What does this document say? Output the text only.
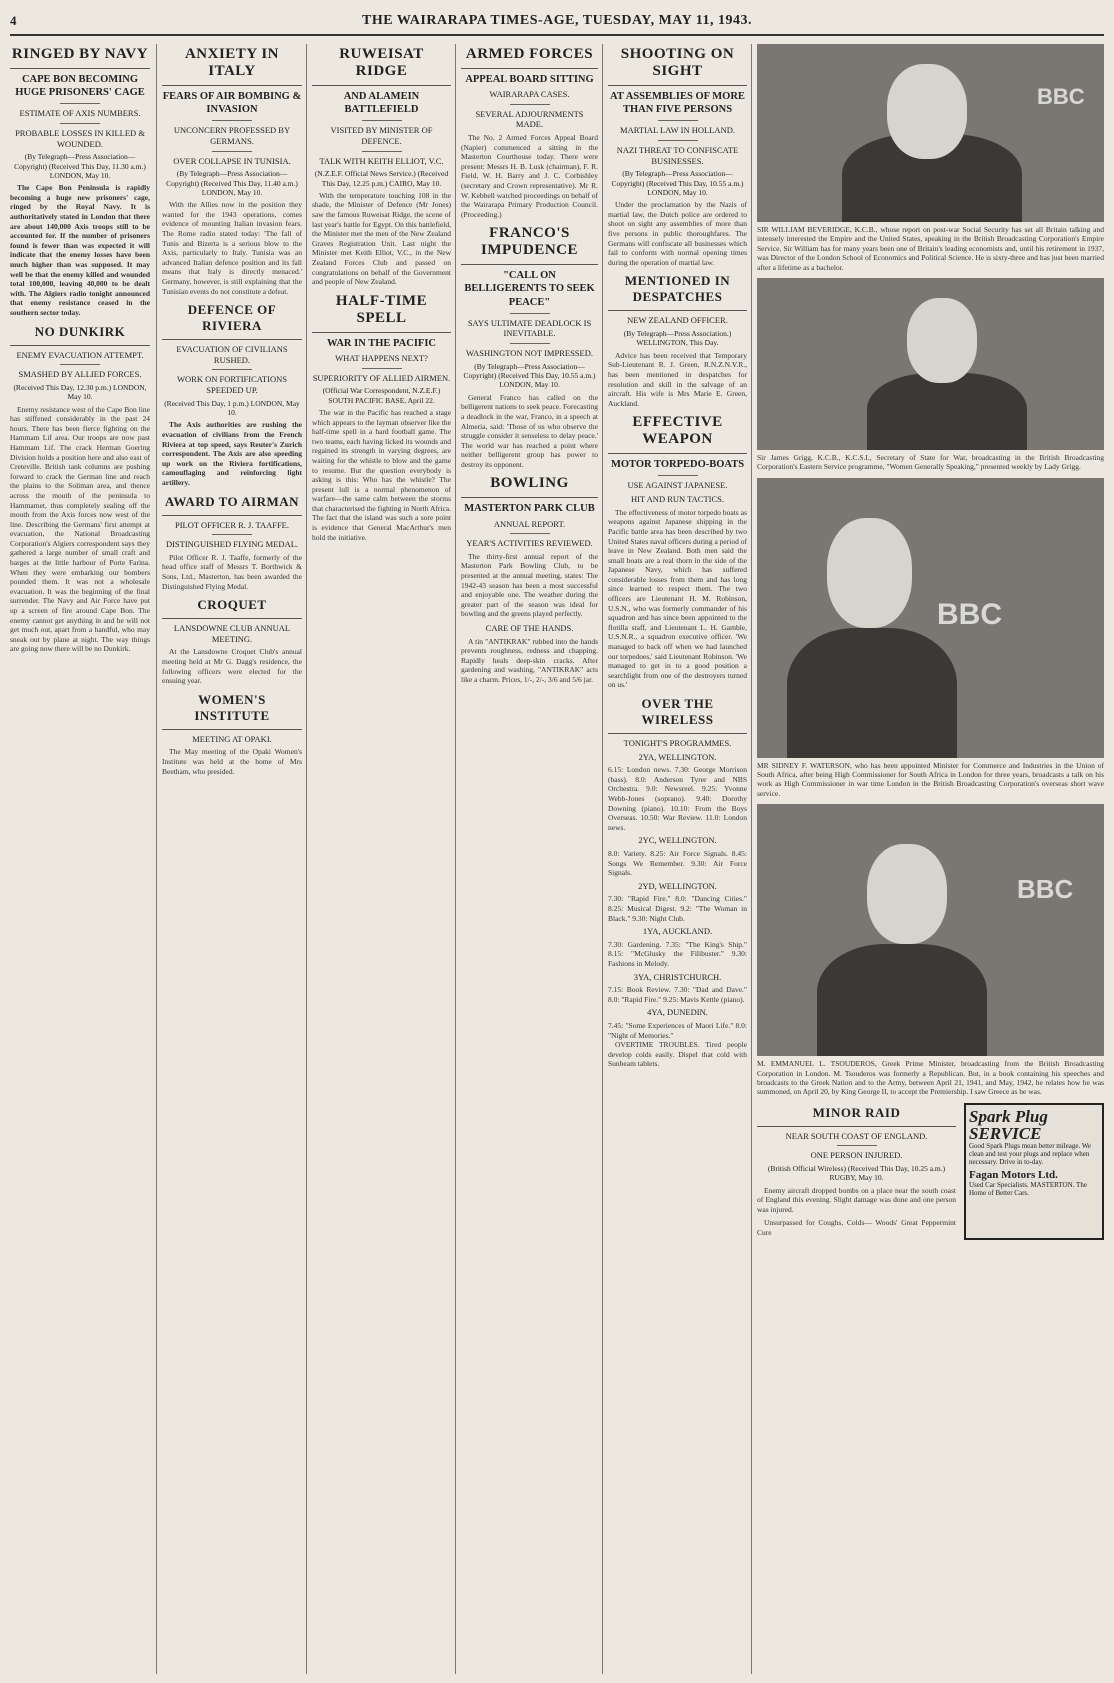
4	THE WAIRARAPA TIMES-AGE, TUESDAY, MAY 11, 1943.
RINGED BY NAVY
CAPE BON BECOMING HUGE PRISONERS' CAGE
ESTIMATE OF AXIS NUMBERS.
PROBABLE LOSSES IN KILLED & WOUNDED.
(By Telegraph—Press Association—Copyright) (Received This Day, 11.30 a.m.) LONDON, May 10.

The Cape Bon Peninsula is rapidly becoming a huge new prisoners' cage, ringed by the Royal Navy. It is authoritatively stated in London that there are about 140,000 Axis troops still to be accounted for. If the number of prisoners found is fewer than was expected it will indicate that the enemy losses have been much higher than was supposed. It may well be that the enemy killed and wounded total 100,000, leaving 40,000 to be dealt with. The Algiers radio tonight announced that enemy resistance ceased in the southern sector today.

NO DUNKIRK
ENEMY EVACUATION ATTEMPT.
SMASHED BY ALLIED FORCES.
(Received This Day, 12.30 p.m.) LONDON, May 10.

Enemy resistance west of the Cape Bon line has stiffened considerably in the past 24 hours. There has been fierce fighting on the Hammam Lif area. Our troops are now past Hammam Lif. The crack Herman Goering Division holds a position here and also east of Creteville. British tank columns are pushing forward to crack the German line and reach the plains to the Soliman area, and thence across the mouth of the peninsula to Hammamet, thus completely sealing off the mouth from the Axis forces now west of the line. Describing the Germans' first attempt at evacuation, the National Broadcasting Corporation's Algiers correspondent says they gathered a large number of small craft and barges at the little harbour of Porte Farina. When they were embarking our bombers pounded them. It was not a wholesale evacuation. It was the beginning of the final surrender. The Navy and Air Force have put up a screen of fire around Cape Bon. The enemy cannot get anything in and he will not get much out, apart from a handful, who may sneak out by plane at night. The way things are going now there will be no Dunkirk.

ANXIETY IN ITALY
FEARS OF AIR BOMBING & INVASION
UNCONCERN PROFESSED BY GERMANS.
OVER COLLAPSE IN TUNISIA.
(By Telegraph—Press Association—Copyright) (Received This Day, 11.40 a.m.) LONDON, May 10.

With the Allies now in the position they wanted for the 1943 operations, comes evidence of mounting Italian invasion fears. The Rome radio stated today: 'The fall of Tunis and Bizerta is a serious blow to the Axis, particularly to Italy. Tunisia was an advanced Italian defence position and its fall means that Italy is directly menaced.' Germany, however, is still explaining that the Tunisian events do not constitute a defeat.

DEFENCE OF RIVIERA
EVACUATION OF CIVILIANS RUSHED.
WORK ON FORTIFICATIONS SPEEDED UP.
(Received This Day, 1 p.m.) LONDON, May 10.

The Axis authorities are rushing the evacuation of civilians from the French Riviera at top speed, says Reuter's Zurich correspondent. The Axis are also speeding up work on the Riviera fortifications, camouflaging and reinforcing light artillery.

AWARD TO AIRMAN
PILOT OFFICER R. J. TAAFFE.
DISTINGUISHED FLYING MEDAL.

Pilot Officer R. J. Taaffe, formerly of the head office staff of Messrs T. Borthwick & Sons, Ltd., Masterton, has been awarded the Distinguished Flying Medal.

CROQUET
LANSDOWNE CLUB ANNUAL MEETING.

At the Lansdowne Croquet Club's annual meeting held at Mr G. Dagg's residence, the following officers were elected for the ensuing year.

WOMEN'S INSTITUTE
MEETING AT OPAKI.

The May meeting of the Opaki Women's Institute was held at the home of Mrs Beetham, who presided.

RUWEISAT RIDGE
AND ALAMEIN BATTLEFIELD
VISITED BY MINISTER OF DEFENCE.
TALK WITH KEITH ELLIOT, V.C.
(N.Z.E.F. Official News Service.) (Received This Day, 12.25 p.m.) CAIRO, May 10.

With the temperature touching 108 in the shade, the Minister of Defence (Mr Jones) saw the famous Ruweisat Ridge, the scene of last year's battle for Egypt. On this battlefield, the Minister met the men of the New Zealand Graves Registration Unit. Last night the Minister met Keith Elliot, V.C., in the New Zealand Forces Club and passed on congratulations on behalf of the Government and people of New Zealand.

HALF-TIME SPELL
WAR IN THE PACIFIC
WHAT HAPPENS NEXT?
SUPERIORITY OF ALLIED AIRMEN.
(Official War Correspondent, N.Z.E.F.) SOUTH PACIFIC BASE, April 22.

The war in the Pacific has reached a stage which appears to the layman observer like the half-time spell in a hard football game. The two teams, each having licked its wounds and regained its strength in varying degrees, are waiting for the whistle to blow and the game to resume. But the question everybody is asking is this: Who has the whistle? The present lull is a normal phenomenon of warfare—the same calm between the storms that characterised the fighting in North Africa. The fact that the island was such a sore point is evidence that General MacArthur's men hold the initiative.

ARMED FORCES
APPEAL BOARD SITTING
WAIRARAPA CASES.
SEVERAL ADJOURNMENTS MADE.

The No. 2 Armed Forces Appeal Board (Napier) commenced a sitting in the Masterton Courthouse today. There were present: Messrs H. B. Lusk (chairman), F. R. Field, W. H. Barry and J. C. Corbishley (secretary and Crown representative). Mr R. W. Kebbell watched proceedings on behalf of the Wairarapa Primary Production Council. (Proceeding.)

FRANCO'S IMPUDENCE
"CALL ON BELLIGERENTS TO SEEK PEACE"
SAYS ULTIMATE DEADLOCK IS INEVITABLE.
WASHINGTON NOT IMPRESSED.
(By Telegraph—Press Association—Copyright) (Received This Day, 10.55 a.m.) LONDON, May 10.

General Franco has called on the belligerent nations to seek peace. Forecasting a deadlock in the war, Franco, in a speech at Almeria, said: 'Those of us who observe the struggle consider it senseless to delay peace.' The world war has reached a point where neither belligerent group has power to destroy its opponent.

BOWLING
MASTERTON PARK CLUB
ANNUAL REPORT.
YEAR'S ACTIVITIES REVIEWED.

The thirty-first annual report of the Masterton Park Bowling Club, to be presented at the annual meeting, states: The 1942-43 season has been a most successful and enjoyable one. The weather during the greater part of the season was ideal for bowling and the greens played perfectly.

CARE OF THE HANDS.

A tin "ANTIKRAK" rubbed into the hands prevents roughness, redness and chapping. Rapidly heals deep-skin cracks. After gardening and washing, "ANTIKRAK" acts like a charm. Prices, 1/-, 2/-, 3/6 and 5/6 jar.

SHOOTING ON SIGHT
AT ASSEMBLIES OF MORE THAN FIVE PERSONS
MARTIAL LAW IN HOLLAND.
NAZI THREAT TO CONFISCATE BUSINESSES.
(By Telegraph—Press Association—Copyright) (Received This Day, 10.55 a.m.) LONDON, May 10.

Under the proclamation by the Nazis of martial law, the Dutch police are ordered to shoot on sight any assemblies of more than five persons in public thoroughfares. The Germans will confiscate all businesses which fail to conform with normal opening times during the operation of martial law.

MENTIONED IN DESPATCHES
NEW ZEALAND OFFICER.
(By Telegraph—Press Association.) WELLINGTON, This Day.

Advice has been received that Temporary Sub-Lieutenant R. J. Green, R.N.Z.N.V.R., has been mentioned in despatches for resolution and skill in the salvage of an aircraft. His wife is Mrs Marie E. Green, Auckland.

EFFECTIVE WEAPON
MOTOR TORPEDO-BOATS
USE AGAINST JAPANESE.
HIT AND RUN TACTICS.

The effectiveness of motor torpedo boats as weapons against Japanese shipping in the Pacific battle area has been described by two United States naval officers during a period of leave in New Zealand. Both men said the small boats are a real thorn in the side of the Japanese Navy, which has suffered considerable losses from them and has long since learned to respect them. The two officers are Lieutenant H. M. Robinson, U.S.N., who was formerly commander of his squadron and has since been appointed to the flotilla staff, and Lieutenant L. H. Gamble, U.S.N.R., a squadron executive officer. 'We managed to back off when we had launched our torpedoes,' said Lieutenant Robinson. 'We managed to get in to a good position a searchlight from one of the destroyers turned on us.'

OVER THE WIRELESS
TONIGHT'S PROGRAMMES.
2YA, WELLINGTON.
6.15: London news. 7.30: George Morrison (bass). 8.0: Anderson Tyrer and NBS Orchestra. 9.0: Newsreel. 9.25: Yvonne Webb-Jones (soprano). 9.40: Dorothy Downing (piano). 10.10: From the Boys Overseas. 10.50: War Review. 11.0: London news.
2YC, WELLINGTON.
8.0: Variety. 8.25: Air Force Signals. 8.45: Songs We Remember. 9.30: Air Force Signals.
2YD, WELLINGTON.
7.30: "Rapid Fire." 8.0: "Dancing Cities." 8.25: Musical Digest. 9.2: "The Woman in Black." 9.30: Night Club.
1YA, AUCKLAND.
7.30: Gardening. 7.35: "The King's Ship." 8.15: "McGlusky the Filibuster." 9.30: Fashions in Melody.
3YA, CHRISTCHURCH.
7.15: Book Review. 7.30: "Dad and Dave." 8.0: "Rapid Fire." 9.25: Mavis Kettle (piano).
4YA, DUNEDIN.
7.45: "Some Experiences of Maori Life." 8.0: "Night of Memories."

OVERTIME TROUBLES. Tired people develop colds easily. Dispel that cold with Sunbeam tablets.

BBC
SIR WILLIAM BEVERIDGE, K.C.B., whose report on post-war Social Security has set all Britain talking and intensely interested the Empire and the United States, speaking in the British Broadcasting Corporation's Empire Service. Sir William has for many years been one of Britain's leading economists and, until his retirement in 1937, was Director of the London School of Economics and Political Science. He is sixty-three and has just been married after a lifetime as a bachelor.
Sir James Grigg, K.C.B., K.C.S.I., Secretary of State for War, broadcasting in the British Broadcasting Corporation's Eastern Service programme, "Women Generally Speaking," presented weekly by Lady Grigg.
BBC
MR SIDNEY F. WATERSON, who has been appointed Minister for Commerce and Industries in the Union of South Africa, after being High Commissioner for South Africa in London for three years, broadcasts a talk on his work as High Commissioner in war time London in the British Broadcasting Corporation's overseas short wave service.
BBC
M. EMMANUEL L. TSOUDEROS, Greek Prime Minister, broadcasting from the British Broadcasting Corporation in London. M. Tsouderos was formerly a Republican. But, in a book containing his speeches and broadcasts to the Greek Nation and to the Army, between April 21, 1941, and May, 1942, he relates how he was summoned, on April 20, by King George II, to accept the Premiership. I saw Greece as he was.
MINOR RAID
NEAR SOUTH COAST OF ENGLAND.
ONE PERSON INJURED.
(British Official Wireless) (Received This Day, 10.25 a.m.) RUGBY, May 10.

Enemy aircraft dropped bombs on a place near the south coast of England this evening. Slight damage was done and one person was injured.

Unsurpassed for Coughs, Colds— Woods' Great Peppermint Cure

Spark Plug SERVICE
Good Spark Plugs mean better mileage. We clean and test your plugs and replace when necessary. Drive in to-day.
Fagan Motors Ltd.
Used Car Specialists. MASTERTON. The Home of Better Cars.
